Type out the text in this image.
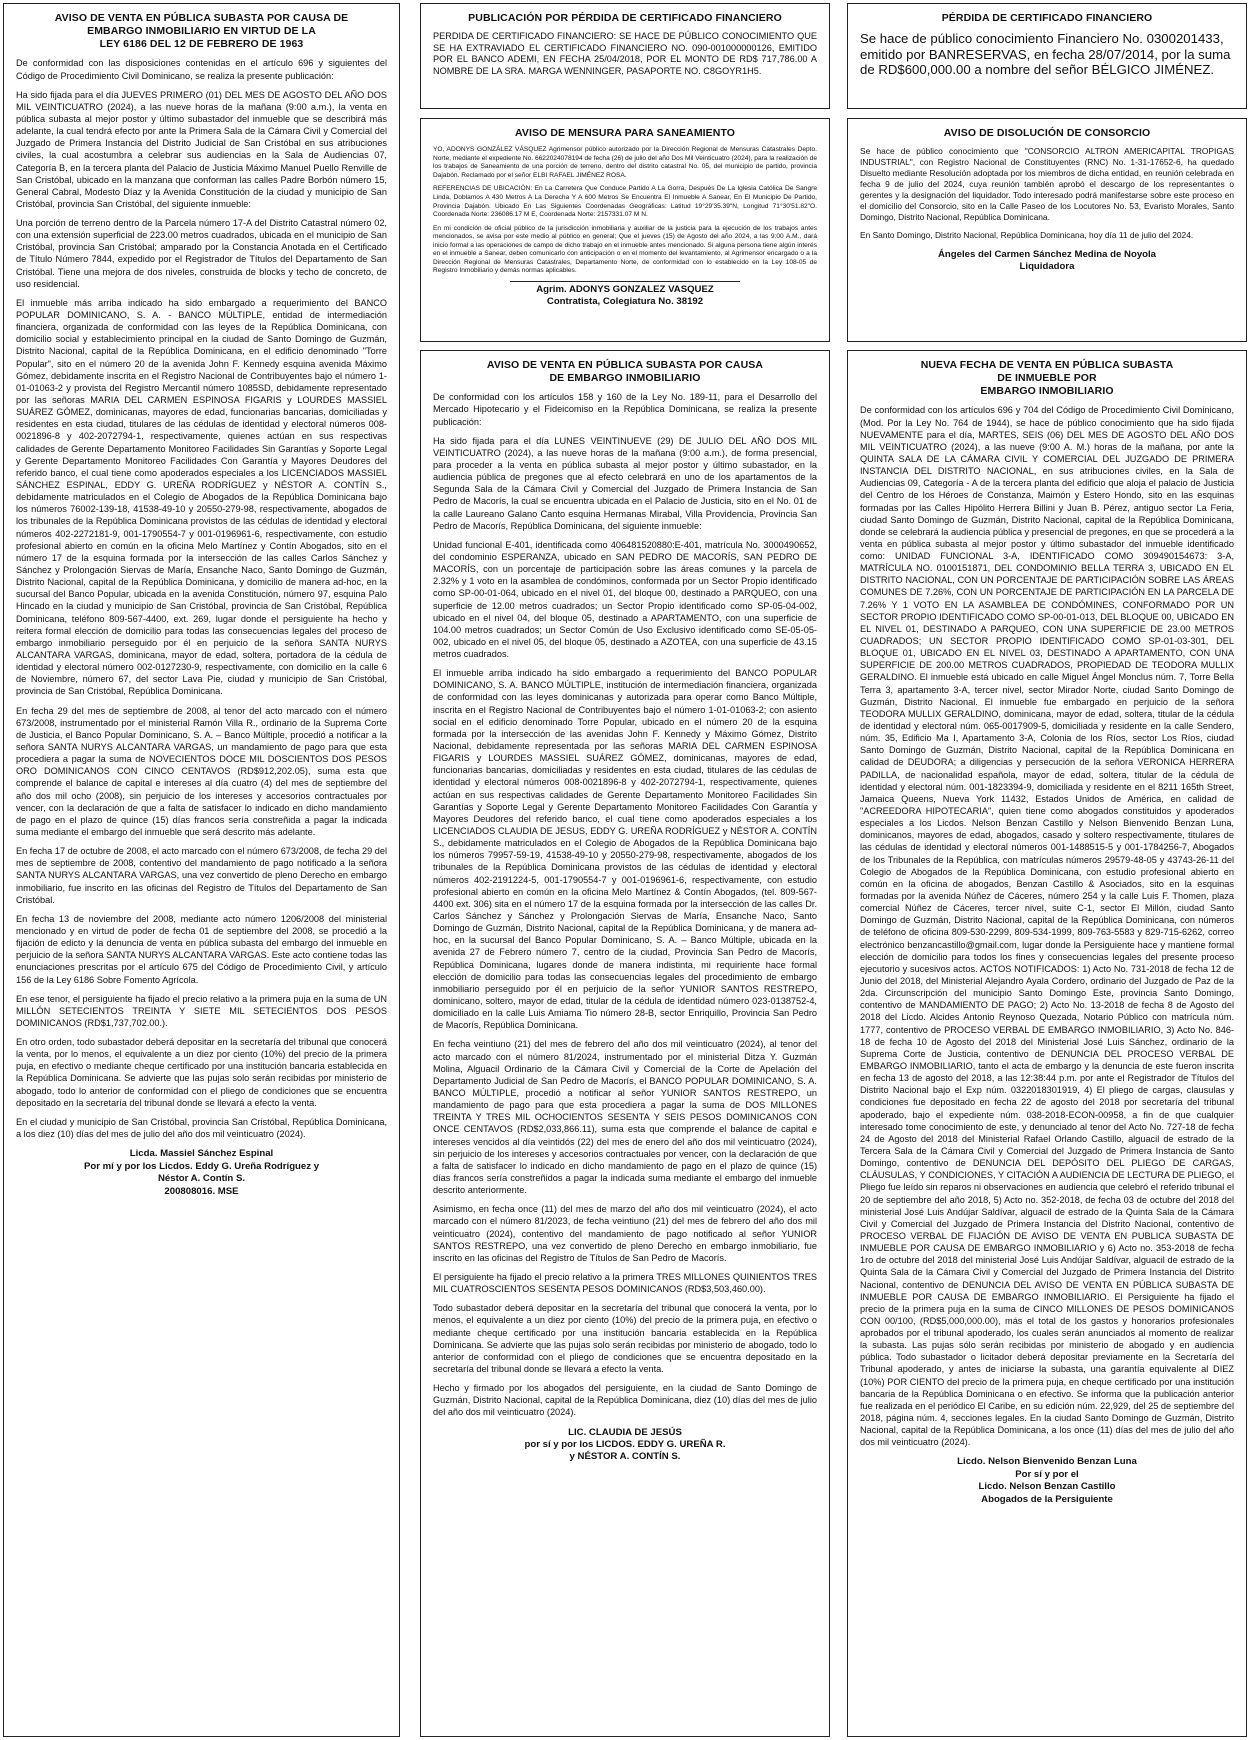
AVISO DE VENTA EN PÚBLICA SUBASTA POR CAUSA DE
EMBARGO INMOBILIARIO EN VIRTUD DE LA
LEY 6186 DEL 12 DE FEBRERO DE 1963

De conformidad con las disposiciones contenidas en el artículo 696 y siguientes del Código de Procedimiento Civil Dominicano, se realiza la presente publicación:

Ha sido fijada para el día JUEVES PRIMERO (01) DEL MES DE AGOSTO DEL AÑO DOS MIL VEINTICUATRO (2024), a las nueve horas de la mañana (9:00 a.m.), la venta en pública subasta al mejor postor y último subastador del inmueble que se describirá más adelante, la cual tendrá efecto por ante la Primera Sala de la Cámara Civil y Comercial del Juzgado de Primera Instancia del Distrito Judicial de San Cristóbal en sus atribuciones civiles, la cual acostumbra a celebrar sus audiencias en la Sala de Audiencias 07, Categoría B, en la tercera planta del Palacio de Justicia Máximo Manuel Puello Renville de San Cristóbal, ubicado en la manzana que conforman las calles Padre Borbón número 15, General Cabral, Modesto Díaz y la Avenida Constitución de la ciudad y municipio de San Cristóbal, provincia San Cristóbal, del siguiente inmueble:

Una porción de terreno dentro de la Parcela número 17-A del Distrito Catastral número 02, con una extensión superficial de 223.00 metros cuadrados, ubicada en el municipio de San Cristóbal, provincia San Cristóbal; amparado por la Constancia Anotada en el Certificado de Título Número 7844, expedido por el Registrador de Títulos del Departamento de San Cristóbal. Tiene una mejora de dos niveles, construida de blocks y techo de concreto, de uso residencial.

El inmueble más arriba indicado ha sido embargado a requerimiento del BANCO POPULAR DOMINICANO, S. A. - BANCO MÚLTIPLE, entidad de intermediación financiera, organizada de conformidad con las leyes de la República Dominicana, con domicilio social y establecimiento principal en la ciudad de Santo Domingo de Guzmán, Distrito Nacional, capital de la República Dominicana, en el edificio denominado "Torre Popular", sito en el número 20 de la avenida John F. Kennedy esquina avenida Máximo Gómez, debidamente inscrita en el Registro Nacional de Contribuyentes bajo el número 1-01-01063-2 y provista del Registro Mercantil número 1085SD, debidamente representado por las señoras MARIA DEL CARMEN ESPINOSA FIGARIS y LOURDES MASSIEL SUÁREZ GÓMEZ, dominicanas, mayores de edad, funcionarias bancarias, domiciliadas y residentes en esta ciudad, titulares de las cédulas de identidad y electoral números 008-0021896-8 y 402-2072794-1, respectivamente, quienes actúan en sus respectivas calidades de Gerente Departamento Monitoreo Facilidades Sin Garantías y Soporte Legal y Gerente Departamento Monitoreo Facilidades Con Garantía y Mayores Deudores del referido banco, el cual tiene como apoderados especiales a los LICENCIADOS MASSIEL SÁNCHEZ ESPINAL, EDDY G. UREÑA RODRÍGUEZ y NÉSTOR A. CONTÍN S., debidamente matriculados en el Colegio de Abogados de la República Dominicana bajo los números 76002-139-18, 41538-49-10 y 20550-279-98, respectivamente, abogados de los tribunales de la República Dominicana provistos de las cédulas de identidad y electoral números 402-2272181-9, 001-1790554-7 y 001-0196961-6, respectivamente, con estudio profesional abierto en común en la oficina Melo Martínez y Contín Abogados, sito en el número 17 de la esquina formada por la intersección de las calles Carlos Sánchez y Sánchez y Prolongación Siervas de María, Ensanche Naco, Santo Domingo de Guzmán, Distrito Nacional, capital de la República Dominicana, y domicilio de manera ad-hoc, en la sucursal del Banco Popular, ubicada en la avenida Constitución, número 97, esquina Palo Hincado en la ciudad y municipio de San Cristóbal, provincia de San Cristóbal, República Dominicana, teléfono 809-567-4400, ext. 269, lugar donde el persiguiente ha hecho y reitera formal elección de domicilio para todas las consecuencias legales del proceso de embargo inmobiliario perseguido por él en perjuicio de la señora SANTA NURYS ALCANTARA VARGAS, dominicana, mayor de edad, soltera, portadora de la cédula de identidad y electoral número 002-0127230-9, respectivamente, con domicilio en la calle 6 de Noviembre, número 67, del sector Lava Pie, ciudad y municipio de San Cristóbal, provincia de San Cristóbal, República Dominicana.

En fecha 29 del mes de septiembre de 2008, al tenor del acto marcado con el número 673/2008, instrumentado por el ministerial Ramón Villa R., ordinario de la Suprema Corte de Justicia, el Banco Popular Dominicano, S. A. – Banco Múltiple, procedió a notificar a la señora SANTA NURYS ALCANTARA VARGAS, un mandamiento de pago para que esta procediera a pagar la suma de NOVECIENTOS DOCE MIL DOSCIENTOS DOS PESOS ORO DOMINICANOS CON CINCO CENTAVOS (RD$912,202.05), suma esta que comprende el balance de capital e intereses al día cuatro (4) del mes de septiembre del año dos mil ocho (2008), sin perjuicio de los intereses y accesorios contractuales por vencer, con la declaración de que a falta de satisfacer lo indicado en dicho mandamiento de pago en el plazo de quince (15) días francos sería constreñida a pagar la indicada suma mediante el embargo del inmueble que será descrito más adelante.

En fecha 17 de octubre de 2008, el acto marcado con el número 673/2008, de fecha 29 del mes de septiembre de 2008, contentivo del mandamiento de pago notificado a la señora SANTA NURYS ALCANTARA VARGAS, una vez convertido de pleno Derecho en embargo inmobiliario, fue inscrito en las oficinas del Registro de Títulos del Departamento de San Cristóbal.

En fecha 13 de noviembre del 2008, mediante acto número 1206/2008 del ministerial mencionado y en virtud de poder de fecha 01 de septiembre del 2008, se procedió a la fijación de edicto y la denuncia de venta en pública subasta del embargo del inmueble en perjuicio de la señora SANTA NURYS ALCANTARA VARGAS. Este acto contiene todas las enunciaciones prescritas por el artículo 675 del Código de Procedimiento Civil, y artículo 156 de la Ley 6186 Sobre Fomento Agrícola.

En ese tenor, el persiguiente ha fijado el precio relativo a la primera puja en la suma de UN MILLÓN SETECIENTOS TREINTA Y SIETE MIL SETECIENTOS DOS PESOS DOMINICANOS (RD$1,737,702.00.).

En otro orden, todo subastador deberá depositar en la secretaría del tribunal que conocerá la venta, por lo menos, el equivalente a un diez por ciento (10%) del precio de la primera puja, en efectivo o mediante cheque certificado por una institución bancaria establecida en la República Dominicana. Se advierte que las pujas solo serán recibidas por ministerio de abogado, todo lo anterior de conformidad con el pliego de condiciones que se encuentra depositado en la secretaría del tribunal donde se llevará a efecto la venta.

En el ciudad y municipio de San Cristóbal, provincia San Cristóbal, República Dominicana, a los diez (10) días del mes de julio del año dos mil veinticuatro (2024).

Licda. Massiel Sánchez Espinal
Por mí y por los Licdos. Eddy G. Ureña Rodríguez y
Néstor A. Contín S.
200808016. MSE
PUBLICACIÓN POR PÉRDIDA DE CERTIFICADO FINANCIERO

PERDIDA DE CERTIFICADO FINANCIERO: SE HACE DE PÚBLICO CONOCIMIENTO QUE SE HA EXTRAVIADO EL CERTIFICADO FINANCIERO NO. 090-001000000126, EMITIDO POR EL BANCO ADEMI, EN FECHA 25/04/2018, POR EL MONTO DE RD$ 717,786.00 A NOMBRE DE LA SRA. MARGA WENNINGER, PASAPORTE NO. C8GOYR1H5.

AVISO DE MENSURA PARA SANEAMIENTO

YO, ADONYS GONZÁLEZ VÁSQUEZ Agrimensor público autorizado por la Dirección Regional de Mensuras Catastrales Depto. Norte, mediante el expediente No. 6622024078194 de fecha (26) de julio del año Dos Mil Veinticuatro (2024), para la realización de los trabajos de Saneamiento de una porción de terreno, dentro del distrito catastral No. 05, del municipio de partido, provincia Dajabón. Reclamado por el señor ELBI RAFAEL JIMÉNEZ ROSA.

REFERENCIAS DE UBICACIÓN: En La Carretera Que Conduce Partido A La Gorra, Después De La Iglesia Católica De Sangre Linda, Doblamos A 430 Metros A La Derecha Y A 600 Metros Se Encuentra El Inmueble A Sanear, En El Municipio De Partido, Provincia Dajabón. Ubicado En Las Siguientes Coordenadas Geográficas: Latitud 19°29'35.39"N, Longitud 71°30'51.82"O. Coordenada Norte: 236086.17 M E, Coordenada Norte: 2157331.07 M N.

En mi condición de oficial público de la jurisdicción inmobiliaria y auxiliar de la justicia para la ejecución de los trabajos antes mencionados, se avisa por este medio al público en general; Que el jueves (15) de Agosto del año 2024, a las 9:00 A.M., dará inicio formal a las operaciones de campo de dicho trabajo en el inmueble antes mencionado. Si alguna persona tiene algún interés en el inmueble a Sanear, deben comunicarlo con anticipación o en el momento del levantamiento, al Agrimensor encargado o a la Dirección Regional de Mensuras Catastrales, Departamento Norte, de conformidad con lo establecido en la Ley 108-05 de Registro Inmobiliario y demás normas aplicables.

Agrim. ADONYS GONZALEZ VASQUEZ
Contratista, Colegiatura No. 38192
AVISO DE VENTA EN PÚBLICA SUBASTA POR CAUSA
DE EMBARGO INMOBILIARIO

De conformidad con los artículos 158 y 160 de la Ley No. 189-11, para el Desarrollo del Mercado Hipotecario y el Fideicomiso en la República Dominicana, se realiza la presente publicación:

Ha sido fijada para el día LUNES VEINTINUEVE (29) DE JULIO DEL AÑO DOS MIL VEINTICUATRO (2024), a las nueve horas de la mañana (9:00 a.m.), de forma presencial, para proceder a la venta en pública subasta al mejor postor y último subastador, en la audiencia pública de pregones que al efecto celebrará en uno de los apartamentos de la Segunda Sala de la Cámara Civil y Comercial del Juzgado de Primera Instancia de San Pedro de Macorís, la cual se encuentra ubicada en el Palacio de Justicia, sito en el No. 01 de la calle Laureano Galano Canto esquina Hermanas Mirabal, Villa Providencia, Provincia San Pedro de Macorís, República Dominicana, del siguiente inmueble:

Unidad funcional E-401, identificada como 406481520880:E-401, matrícula No. 3000490652, del condominio ESPERANZA, ubicado en SAN PEDRO DE MACORÍS, SAN PEDRO DE MACORÍS, con un porcentaje de participación sobre las áreas comunes y la parcela de 2.32% y 1 voto en la asamblea de condóminos, conformada por un Sector Propio identificado como SP-00-01-064, ubicado en el nivel 01, del bloque 00, destinado a PARQUEO, con una superficie de 12.00 metros cuadrados; un Sector Propio identificado como SP-05-04-002, ubicado en el nivel 04, del bloque 05, destinado a APARTAMENTO, con una superficie de 104.00 metros cuadrados; un Sector Común de Uso Exclusivo identificado como SE-05-05-002, ubicado en el nivel 05, del bloque 05, destinado a AZOTEA, con una superficie de 43.15 metros cuadrados.

El inmueble arriba indicado ha sido embargado a requerimiento del BANCO POPULAR DOMINICANO, S. A. BANCO MÚLTIPLE, institución de intermediación financiera, organizada de conformidad con las leyes dominicanas y autorizada para operar como Banco Múltiple, inscrita en el Registro Nacional de Contribuyentes bajo el número 1-01-01063-2; con asiento social en el edificio denominado Torre Popular, ubicado en el número 20 de la esquina formada por la intersección de las avenidas John F. Kennedy y Máximo Gómez, Distrito Nacional, debidamente representada por las señoras MARIA DEL CARMEN ESPINOSA FIGARIS y LOURDES MASSIEL SUÁREZ GÓMEZ, dominicanas, mayores de edad, funcionarias bancarias, domiciliadas y residentes en esta ciudad, titulares de las cédulas de identidad y electoral números 008-0021896-8 y 402-2072794-1, respectivamente, quienes actúan en sus respectivas calidades de Gerente Departamento Monitoreo Facilidades Sin Garantías y Soporte Legal y Gerente Departamento Monitoreo Facilidades Con Garantía y Mayores Deudores del referido banco, el cual tiene como apoderados especiales a los LICENCIADOS CLAUDIA DE JESUS, EDDY G. UREÑA RODRÍGUEZ y NÉSTOR A. CONTÍN S., debidamente matriculados en el Colegio de Abogados de la República Dominicana bajo los números 79957-59-19, 41538-49-10 y 20550-279-98, respectivamente, abogados de los tribunales de la República Dominicana provistos de las cédulas de identidad y electoral números 402-2191224-5, 001-1790554-7 y 001-0196961-6, respectivamente, con estudio profesional abierto en común en la oficina Melo Martínez & Contín Abogados, (tel. 809-567-4400 ext. 306) sita en el número 17 de la esquina formada por la intersección de las calles Dr. Carlos Sánchez y Sánchez y Prolongación Siervas de María, Ensanche Naco, Santo Domingo de Guzmán, Distrito Nacional, capital de la República Dominicana, y de manera ad-hoc, en la sucursal del Banco Popular Dominicano, S. A. – Banco Múltiple, ubicada en la avenida 27 de Febrero número 7, centro de la ciudad, Provincia San Pedro de Macorís, República Dominicana, lugares donde de manera indistinta, mi requiriente hace formal elección de domicilio para todas las consecuencias legales del procedimiento de embargo inmobiliario perseguido por él en perjuicio de la señor YUNIOR SANTOS RESTREPO, dominicano, soltero, mayor de edad, titular de la cédula de identidad número 023-0138752-4, domiciliado en la calle Luis Amiama Tio número 28-B, sector Enriquillo, Provincia San Pedro de Macorís, República Dominicana.

En fecha veintiuno (21) del mes de febrero del año dos mil veinticuatro (2024), al tenor del acto marcado con el número 81/2024, instrumentado por el ministerial Ditza Y. Guzmán Molina, Alguacil Ordinario de la Cámara Civil y Comercial de la Corte de Apelación del Departamento Judicial de San Pedro de Macorís, el BANCO POPULAR DOMINICANO, S. A. BANCO MÚLTIPLE, procedió a notificar al señor YUNIOR SANTOS RESTREPO, un mandamiento de pago para que esta procediera a pagar la suma de DOS MILLONES TREINTA Y TRES MIL OCHOCIENTOS SESENTA Y SEIS PESOS DOMINICANOS CON ONCE CENTAVOS (RD$2,033,866.11), suma esta que comprende el balance de capital e intereses vencidos al día veintidós (22) del mes de enero del año dos mil veinticuatro (2024), sin perjuicio de los intereses y accesorios contractuales por vencer, con la declaración de que a falta de satisfacer lo indicado en dicho mandamiento de pago en el plazo de quince (15) días francos sería constreñidos a pagar la indicada suma mediante el embargo del inmueble descrito anteriormente.

Asimismo, en fecha once (11) del mes de marzo del año dos mil veinticuatro (2024), el acto marcado con el número 81/2023, de fecha veintiuno (21) del mes de febrero del año dos mil veinticuatro (2024), contentivo del mandamiento de pago notificado al señor YUNIOR SANTOS RESTREPO, una vez convertido de pleno Derecho en embargo inmobiliario, fue inscrito en las oficinas del Registro de Títulos de San Pedro de Macorís.

El persiguiente ha fijado el precio relativo a la primera TRES MILLONES QUINIENTOS TRES MIL CUATROSCIENTOS SESENTA PESOS DOMINICANOS (RD$3,503,460.00).

Todo subastador deberá depositar en la secretaría del tribunal que conocerá la venta, por lo menos, el equivalente a un diez por ciento (10%) del precio de la primera puja, en efectivo o mediante cheque certificado por una institución bancaria establecida en la República Dominicana. Se advierte que las pujas solo serán recibidas por ministerio de abogado, todo lo anterior de conformidad con el pliego de condiciones que se encuentra depositado en la secretaría del tribunal donde se llevará a efecto la venta.

Hecho y firmado por los abogados del persiguiente, en la ciudad de Santo Domingo de Guzmán, Distrito Nacional, capital de la República Dominicana, diez (10) días del mes de julio del año dos mil veinticuatro (2024).

LIC. CLAUDIA DE JESÚS
por sí y por los LICDOS. EDDY G. UREÑA R.
y NÉSTOR A. CONTÍN S.
PÉRDIDA DE CERTIFICADO FINANCIERO

Se hace de público conocimiento Financiero No. 0300201433, emitido por BANRESERVAS, en fecha 28/07/2014, por la suma de RD$600,000.00 a nombre del señor BÉLGICO JIMÉNEZ.

AVISO DE DISOLUCIÓN DE CONSORCIO

Se hace de público conocimiento que "CONSORCIO ALTRON AMERICAPITAL TROPIGAS INDUSTRIAL", con Registro Nacional de Constituyentes (RNC) No. 1-31-17652-6, ha quedado Disuelto mediante Resolución adoptada por los miembros de dicha entidad, en reunión celebrada en fecha 9 de julio del 2024, cuya reunión también aprobó el descargo de los representantes o gerentes y la designación del liquidador. Todo interesado podrá manifestarse sobre este proceso en el domicilio del Consorcio, sito en la Calle Paseo de los Locutores No. 53, Evaristo Morales, Santo Domingo, Distrito Nacional, República Dominicana.

En Santo Domingo, Distrito Nacional, República Dominicana, hoy día 11 de julio del 2024.

Ángeles del Carmen Sánchez Medina de Noyola
Liquidadora
NUEVA FECHA DE VENTA EN PÚBLICA SUBASTA
DE INMUEBLE POR
EMBARGO INMOBILIARIO

De conformidad con los artículos 696 y 704 del Código de Procedimiento Civil Dominicano, (Mod. Por la Ley No. 764 de 1944), se hace de público conocimiento que ha sido fijada NUEVAMENTE para el día, MARTES, SEIS (06) DEL MES DE AGOSTO DEL AÑO DOS MIL VEINTICUATRO (2024), a las nueve (9:00 A. M.) horas de la mañana, por ante la QUINTA SALA DE LA CÁMARA CIVIL Y COMERCIAL DEL JUZGADO DE PRIMERA INSTANCIA DEL DISTRITO NACIONAL, en sus atribuciones civiles, en la Sala de Audiencias 09, Categoría - A de la tercera planta del edificio que aloja el palacio de Justicia del Centro de los Héroes de Constanza, Maimón y Estero Hondo, sito en las esquinas formadas por las Calles Hipólito Herrera Billini y Juan B. Pérez, antiguo sector La Feria, ciudad Santo Domingo de Guzmán, Distrito Nacional, capital de la República Dominicana, donde se celebrará la audiencia pública y presencial de pregones, en que se procederá a la venta en pública subasta al mejor postor y último subastador del inmueble identificado como: UNIDAD FUNCIONAL 3-A, IDENTIFICADO COMO 309490154673: 3-A, MATRÍCULA NO. 0100151871, DEL CONDOMINIO BELLA TERRA 3, UBICADO EN EL DISTRITO NACIONAL, CON UN PORCENTAJE DE PARTICIPACIÓN SOBRE LAS ÁREAS COMUNES DE 7.26%, CON UN PORCENTAJE DE PARTICIPACIÓN EN LA PARCELA DE 7.26% Y 1 VOTO EN LA ASAMBLEA DE CONDÓMINES, CONFORMADO POR UN SECTOR PROPIO IDENTIFICADO COMO SP-00-01-013, DEL BLOQUE 00, UBICADO EN EL NIVEL 01, DESTINADO A PARQUEO, CON UNA SUPERFICIE DE 23.00 METROS CUADRADOS; UN SECTOR PROPIO IDENTIFICADO COMO SP-01-03-301, DEL BLOQUE 01, UBICADO EN EL NIVEL 03, DESTINADO A APARTAMENTO, CON UNA SUPERFICIE DE 200.00 METROS CUADRADOS, PROPIEDAD DE TEODORA MULLIX GERALDINO. El inmueble está ubicado en calle Miguel Ángel Monclus núm. 7, Torre Bella Terra 3, apartamento 3-A, tercer nivel, sector Mirador Norte, ciudad Santo Domingo de Guzmán, Distrito Nacional. El inmueble fue embargado en perjuicio de la señora TEODORA MULLIX GERALDINO, dominicana, mayor de edad, soltera, titular de la cédula de identidad y electoral núm. 065-0017909-5, domiciliada y residente en la calle Sendero, núm. 35, Edificio Ma I, Apartamento 3-A, Colonia de los Ríos, sector Los Ríos, ciudad Santo Domingo de Guzmán, Distrito Nacional, capital de la República Dominicana en calidad de DEUDORA; a diligencias y persecución de la señora VERONICA HERRERA PADILLA, de nacionalidad española, mayor de edad, soltera, titular de la cédula de identidad y electoral núm. 001-1823394-9, domiciliada y residente en el 8211 165th Street, Jamaica Queens, Nueva York 11432, Estados Unidos de América, en calidad de "ACREEDORA HIPOTECARIA", quien tiene como abogados constituidos y apoderados especiales a los Licdos. Nelson Benzan Castillo y Nelson Bienvenido Benzan Luna, dominicanos, mayores de edad, abogados, casado y soltero respectivamente, titulares de las cédulas de identidad y electoral números 001-1488515-5 y 001-1784256-7, Abogados de los Tribunales de la República, con matrículas números 29579-48-05 y 43743-26-11 del Colegio de Abogados de la República Dominicana, con estudio profesional abierto en común en la oficina de abogados, Benzan Castillo & Asociados, sito en la esquinas formadas por la avenida Núñez de Cáceres, número 254 y la calle Luis F. Thomen, plaza comercial Núñez de Cáceres, tercer nivel, suite C-1, sector El Millón, ciudad Santo Domingo de Guzmán, Distrito Nacional, capital de la República Dominicana, con números de teléfono de oficina 809-530-2299, 809-534-1999, 809-763-5583 y 829-715-6262, correo electrónico benzancastillo@gmail.com, lugar donde la Persiguiente hace y mantiene formal elección de domicilio para todos los fines y consecuencias legales del presente proceso ejecutorio y sucesivos actos. ACTOS NOTIFICADOS: 1) Acto No. 731-2018 de fecha 12 de Junio del 2018, del Ministerial Alejandro Ayala Cordero, ordinario del Juzgado de Paz de la 2da. Circunscripción del municipio Santo Domingo Este, provincia Santo Domingo, contentivo de MANDAMIENTO DE PAGO; 2) Acto No. 13-2018 de fecha 8 de Agosto del 2018 del Licdo. Alcides Antonio Reynoso Quezada, Notario Público con matrícula núm. 1777, contentivo de PROCESO VERBAL DE EMBARGO INMOBILIARIO, 3) Acto No. 846-18 de fecha 10 de Agosto del 2018 del Ministerial José Luis Sánchez, ordinario de la Suprema Corte de Justicia, contentivo de DENUNCIA DEL PROCESO VERBAL DE EMBARGO INMOBILIARIO, tanto el acta de embargo y la denuncia de este fueron inscrita en fecha 13 de agosto del 2018, a las 12:38:44 p.m. por ante el Registrador de Títulos del Distrito Nacional bajo el Exp núm. 0322018301919, 4) El pliego de cargas, clausulas y condiciones fue depositado en fecha 22 de agosto del 2018 por secretaría del tribunal apoderado, bajo el expediente núm. 038-2018-ECON-00958, a fin de que cualquier interesado tome conocimiento de este, y denunciado al tenor del Acto No. 727-18 de fecha 24 de Agosto del 2018 del Ministerial Rafael Orlando Castillo, alguacil de estrado de la Tercera Sala de la Cámara Civil y Comercial del Juzgado de Primera Instancia de Santo Domingo, contentivo de DENUNCIA DEL DEPÓSITO DEL PLIEGO DE CARGAS, CLÁUSULAS, Y CONDICIONES, Y CITACIÓN A AUDIENCIA DE LECTURA DE PLIEGO, el Pliego fue leído sin reparos ni observaciones en audiencia que celebró el referido tribunal el 20 de septiembre del año 2018, 5) Acto no. 352-2018, de fecha 03 de octubre del 2018 del ministerial José Luis Andújar Saldívar, alguacil de estrado de la Quinta Sala de la Cámara Civil y Comercial del Juzgado de Primera Instancia del Distrito Nacional, contentivo de PROCESO VERBAL DE FIJACIÓN DE AVISO DE VENTA EN PUBLICA SUBASTA DE INMUEBLE POR CAUSA DE EMBARGO INMOBILIARIO y 6) Acto no. 353-2018 de fecha 1ro de octubre del 2018 del ministerial José Luis Andújar Saldívar, alguacil de estrado de la Quinta Sala de la Cámara Civil y Comercial del Juzgado de Primera Instancia del Distrito Nacional, contentivo de DENUNCIA DEL AVISO DE VENTA EN PÚBLICA SUBASTA DE INMUEBLE POR CAUSA DE EMBARGO INMOBILIARIO. El Persiguiente ha fijado el precio de la primera puja en la suma de CINCO MILLONES DE PESOS DOMINICANOS CON 00/100, (RD$5,000,000.00), más el total de los gastos y honorarios profesionales aprobados por el tribunal apoderado, los cuales serán anunciados al momento de realizar la subasta. Las pujas sólo serán recibidas por ministerio de abogado y en audiencia pública. Todo subastador o licitador deberá depositar previamente en la Secretaría del Tribunal apoderado, y antes de iniciarse la subasta, una garantía equivalente al DIEZ (10%) POR CIENTO del precio de la primera puja, en cheque certificado por una institución bancaria de la República Dominicana o en efectivo. Se informa que la publicación anterior fue realizada en el periódico El Caribe, en su edición núm. 22,929, del 25 de septiembre del 2018, página núm. 4, secciones legales. En la ciudad Santo Domingo de Guzmán, Distrito Nacional, capital de la República Dominicana, a los once (11) días del mes de julio del año dos mil veinticuatro (2024).

Licdo. Nelson Bienvenido Benzan Luna
Por sí y por el
Licdo. Nelson Benzan Castillo
Abogados de la Persiguiente
